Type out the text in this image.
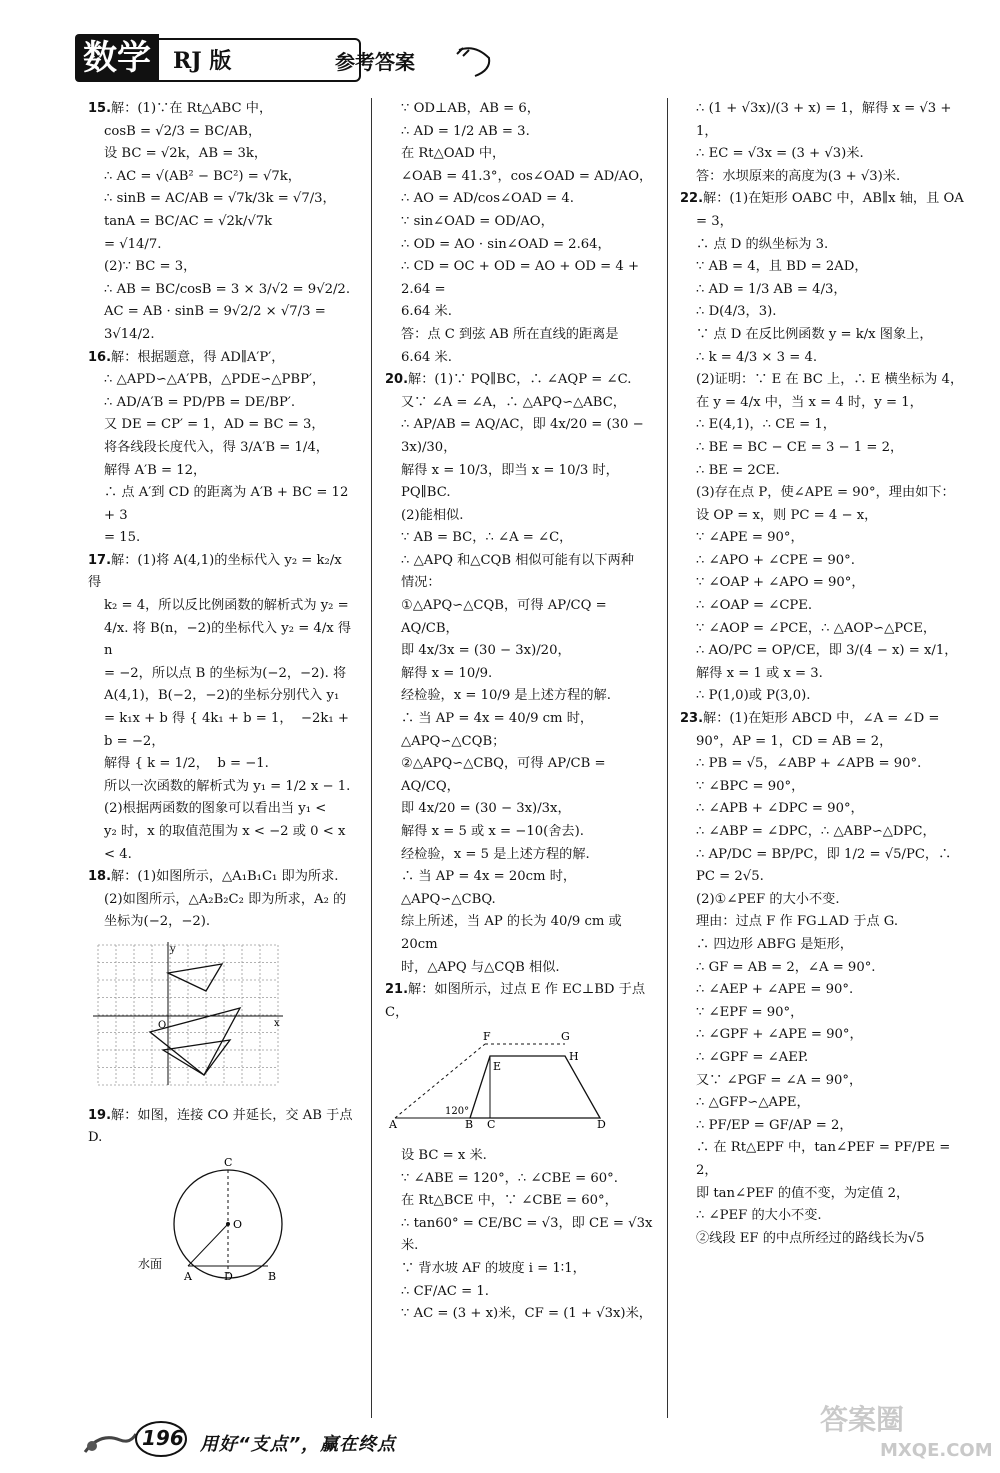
数学	RJ 版	参考答案
15.解：(1)∵在 Rt△ABC 中，
cosB = √2/3 = BC/AB，
设 BC = √2k，AB = 3k，
∴ AC = √(AB² − BC²) = √7k，
∴ sinB = AC/AB = √7k/3k = √7/3，tanA = BC/AC = √2k/√7k
= √14/7.
(2)∵ BC = 3，
∴ AB = BC/cosB = 3 × 3/√2 = 9√2/2.
AC = AB · sinB = 9√2/2 × √7/3 = 3√14/2.
16.解：根据题意，得 AD∥A′P′，
∴ △APD∽△A′PB，△PDE∽△PBP′，
∴ AD/A′B = PD/PB = DE/BP′.
又 DE = CP′ = 1，AD = BC = 3，
将各线段长度代入，得 3/A′B = 1/4，
解得 A′B = 12，
∴ 点 A′到 CD 的距离为 A′B + BC = 12 + 3
= 15.
17.解：(1)将 A(4,1)的坐标代入 y₂ = k₂/x 得
k₂ = 4，所以反比例函数的解析式为 y₂ =
4/x. 将 B(n，−2)的坐标代入 y₂ = 4/x 得 n
= −2，所以点 B 的坐标为(−2，−2). 将
A(4,1)，B(−2，−2)的坐标分别代入 y₁
= k₁x + b 得 { 4k₁ + b = 1，  −2k₁ + b = −2，
解得 { k = 1/2，  b = −1.
所以一次函数的解析式为 y₁ = 1/2 x − 1.
(2)根据两函数的图象可以看出当 y₁ <
y₂ 时，x 的取值范围为 x < −2 或 0 < x
< 4.
18.解：(1)如图所示，△A₁B₁C₁ 即为所求.
(2)如图所示，△A₂B₂C₂ 即为所求，A₂ 的
坐标为(−2，−2).
y
x
O
19.解：如图，连接 CO 并延长，交 AB 于点 D.
C
O
A	D	B
水面
∵ OD⊥AB，AB = 6，
∴ AD = 1/2 AB = 3.
在 Rt△OAD 中，
∠OAB = 41.3°，cos∠OAD = AD/AO，
∴ AO = AD/cos∠OAD = 4.
∵ sin∠OAD = OD/AO，
∴ OD = AO · sin∠OAD = 2.64，
∴ CD = OC + OD = AO + OD = 4 + 2.64 =
6.64 米.
答：点 C 到弦 AB 所在直线的距离是
6.64 米.
20.解：(1)∵ PQ∥BC，∴ ∠AQP = ∠C.
又∵ ∠A = ∠A，∴ △APQ∽△ABC，
∴ AP/AB = AQ/AC，即 4x/20 = (30 − 3x)/30，
解得 x = 10/3，即当 x = 10/3 时，PQ∥BC.
(2)能相似.
∵ AB = BC，∴ ∠A = ∠C，
∴ △APQ 和△CQB 相似可能有以下两种
情况：
①△APQ∽△CQB，可得 AP/CQ = AQ/CB，
即 4x/3x = (30 − 3x)/20，
解得 x = 10/9.
经检验，x = 10/9 是上述方程的解.
∴ 当 AP = 4x = 40/9 cm 时，△APQ∽△CQB；
②△APQ∽△CBQ，可得 AP/CB = AQ/CQ，
即 4x/20 = (30 − 3x)/3x，
解得 x = 5 或 x = −10(舍去).
经检验，x = 5 是上述方程的解.
∴ 当 AP = 4x = 20cm 时，△APQ∽△CBQ.
综上所述，当 AP 的长为 40/9 cm 或 20cm
时，△APQ 与△CQB 相似.
21.解：如图所示，过点 E 作 EC⊥BD 于点 C，
A	B C	D
F	G
H
E
120°
设 BC = x 米.
∵ ∠ABE = 120°，∴ ∠CBE = 60°.
在 Rt△BCE 中，∵ ∠CBE = 60°，
∴ tan60° = CE/BC = √3，即 CE = √3x 米.
∵ 背水坡 AF 的坡度 i = 1∶1，
∴ CF/AC = 1.
∵ AC = (3 + x)米，CF = (1 + √3x)米，
∴ (1 + √3x)/(3 + x) = 1，解得 x = √3 + 1，
∴ EC = √3x = (3 + √3)米.
答：水坝原来的高度为(3 + √3)米.
22.解：(1)在矩形 OABC 中，AB∥x 轴，且 OA
= 3，
∴ 点 D 的纵坐标为 3.
∵ AB = 4，且 BD = 2AD，
∴ AD = 1/3 AB = 4/3，
∴ D(4/3，3).
∵ 点 D 在反比例函数 y = k/x 图象上，
∴ k = 4/3 × 3 = 4.
(2)证明：∵ E 在 BC 上，∴ E 横坐标为 4，
在 y = 4/x 中，当 x = 4 时，y = 1，
∴ E(4,1)，∴ CE = 1，
∴ BE = BC − CE = 3 − 1 = 2，
∴ BE = 2CE.
(3)存在点 P，使∠APE = 90°，理由如下：
设 OP = x，则 PC = 4 − x，
∵ ∠APE = 90°，
∴ ∠APO + ∠CPE = 90°.
∵ ∠OAP + ∠APO = 90°，
∴ ∠OAP = ∠CPE.
∵ ∠AOP = ∠PCE，∴ △AOP∽△PCE，
∴ AO/PC = OP/CE，即 3/(4 − x) = x/1，
解得 x = 1 或 x = 3.
∴ P(1,0)或 P(3,0).
23.解：(1)在矩形 ABCD 中，∠A = ∠D =
90°，AP = 1，CD = AB = 2，
∴ PB = √5，∠ABP + ∠APB = 90°.
∵ ∠BPC = 90°，
∴ ∠APB + ∠DPC = 90°，
∴ ∠ABP = ∠DPC，∴ △ABP∽△DPC，
∴ AP/DC = BP/PC，即 1/2 = √5/PC，∴ PC = 2√5.
(2)①∠PEF 的大小不变.
理由：过点 F 作 FG⊥AD 于点 G.
∴ 四边形 ABFG 是矩形，
∴ GF = AB = 2，∠A = 90°.
∴ ∠AEP + ∠APE = 90°.
∵ ∠EPF = 90°，
∴ ∠GPF + ∠APE = 90°，
∴ ∠GPF = ∠AEP.
又∵ ∠PGF = ∠A = 90°，
∴ △GFP∽△APE，
∴ PF/EP = GF/AP = 2，
∴ 在 Rt△EPF 中，tan∠PEF = PF/PE = 2，
即 tan∠PEF 的值不变，为定值 2，
∴ ∠PEF 的大小不变.
②线段 EF 的中点所经过的路线长为√5
196 用好“支点”，赢在终点
答案圈
MXQE.COM
